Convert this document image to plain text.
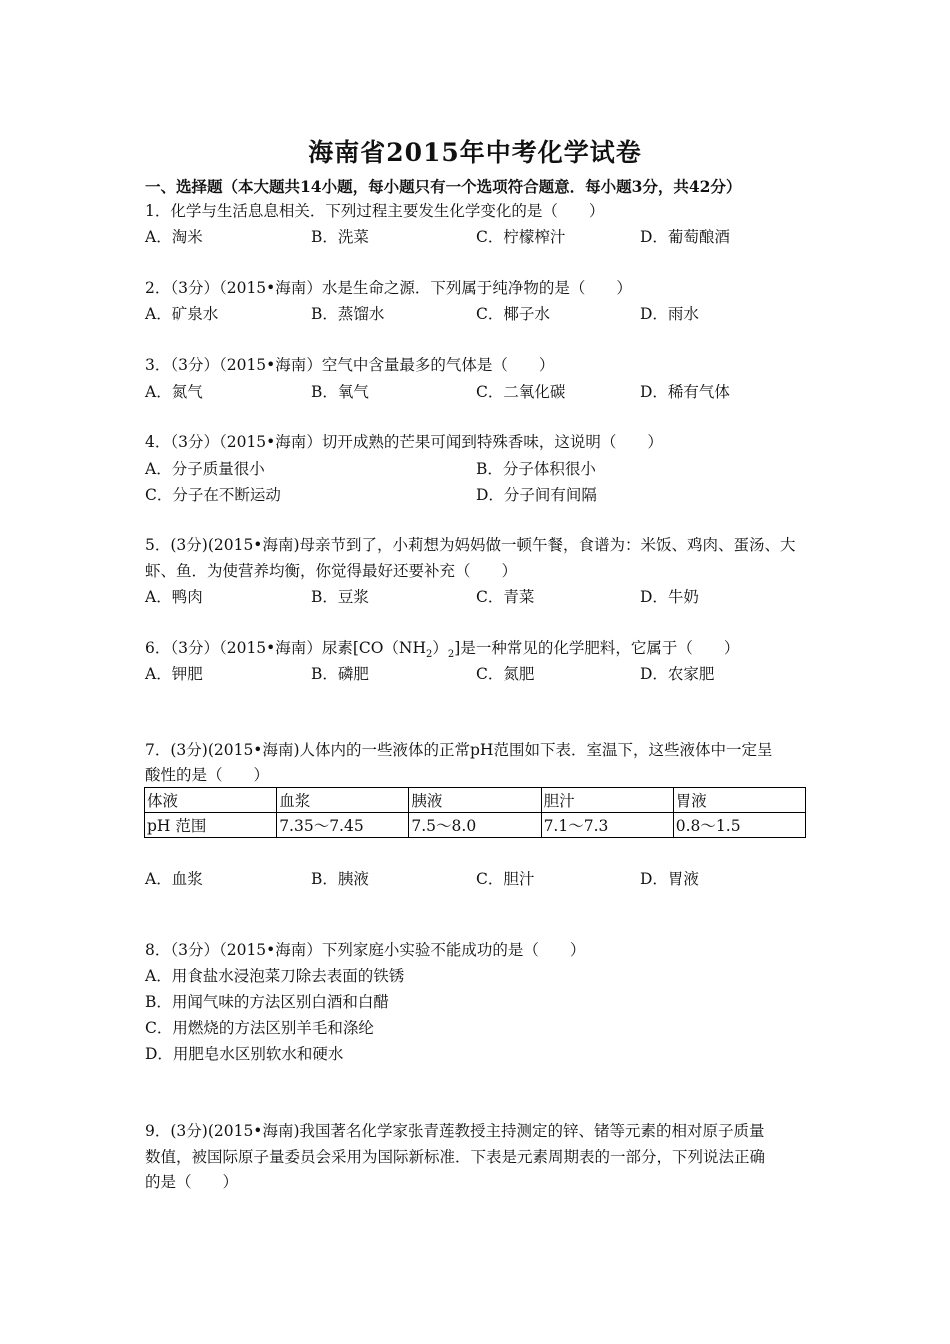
海南省2015年中考化学试卷
一、选择题（本大题共14小题，每小题只有一个选项符合题意．每小题3分，共42分）
1．化学与生活息息相关．下列过程主要发生化学变化的是（　　）
A．淘米	B．洗菜	C．柠檬榨汁	D．葡萄酿酒
2．（3分）（2015•海南）水是生命之源．下列属于纯净物的是（　　）
A．矿泉水	B．蒸馏水	C．椰子水	D．雨水
3．（3分）（2015•海南）空气中含量最多的气体是（　　）
A．氮气	B．氧气	C．二氧化碳	D．稀有气体
4．（3分）（2015•海南）切开成熟的芒果可闻到特殊香味，这说明（　　）
A．分子质量很小	B．分子体积很小
C．分子在不断运动	D．分子间有间隔
5．(3分)(2015•海南)母亲节到了，小莉想为妈妈做一顿午餐，食谱为：米饭、鸡肉、蛋汤、大
虾、鱼．为使营养均衡，你觉得最好还要补充（　　）
A．鸭肉	B．豆浆	C．青菜	D．牛奶
6．（3分）（2015•海南）尿素$[CO(NH_2)_2]$是一种常见的化学肥料，它属于（　　）
A．钾肥	B．磷肥	C．氮肥	D．农家肥
7．(3分)(2015•海南)人体内的一些液体的正常pH范围如下表．室温下，这些液体中一定呈
酸性的是（　　）
体液	血浆	胰液	胆汁	胃液
pH 范围	7.35～7.45	7.5～8.0	7.1～7.3	0.8～1.5
A．血浆	B．胰液	C．胆汁	D．胃液
8．（3分）（2015•海南）下列家庭小实验不能成功的是（　　）
A．用食盐水浸泡菜刀除去表面的铁锈
B．用闻气味的方法区别白酒和白醋
C．用燃烧的方法区别羊毛和涤纶
D．用肥皂水区别软水和硬水
9．(3分)(2015•海南)我国著名化学家张青莲教授主持测定的锌、锗等元素的相对原子质量
数值，被国际原子量委员会采用为国际新标准．下表是元素周期表的一部分，下列说法正确
的是（　　）
